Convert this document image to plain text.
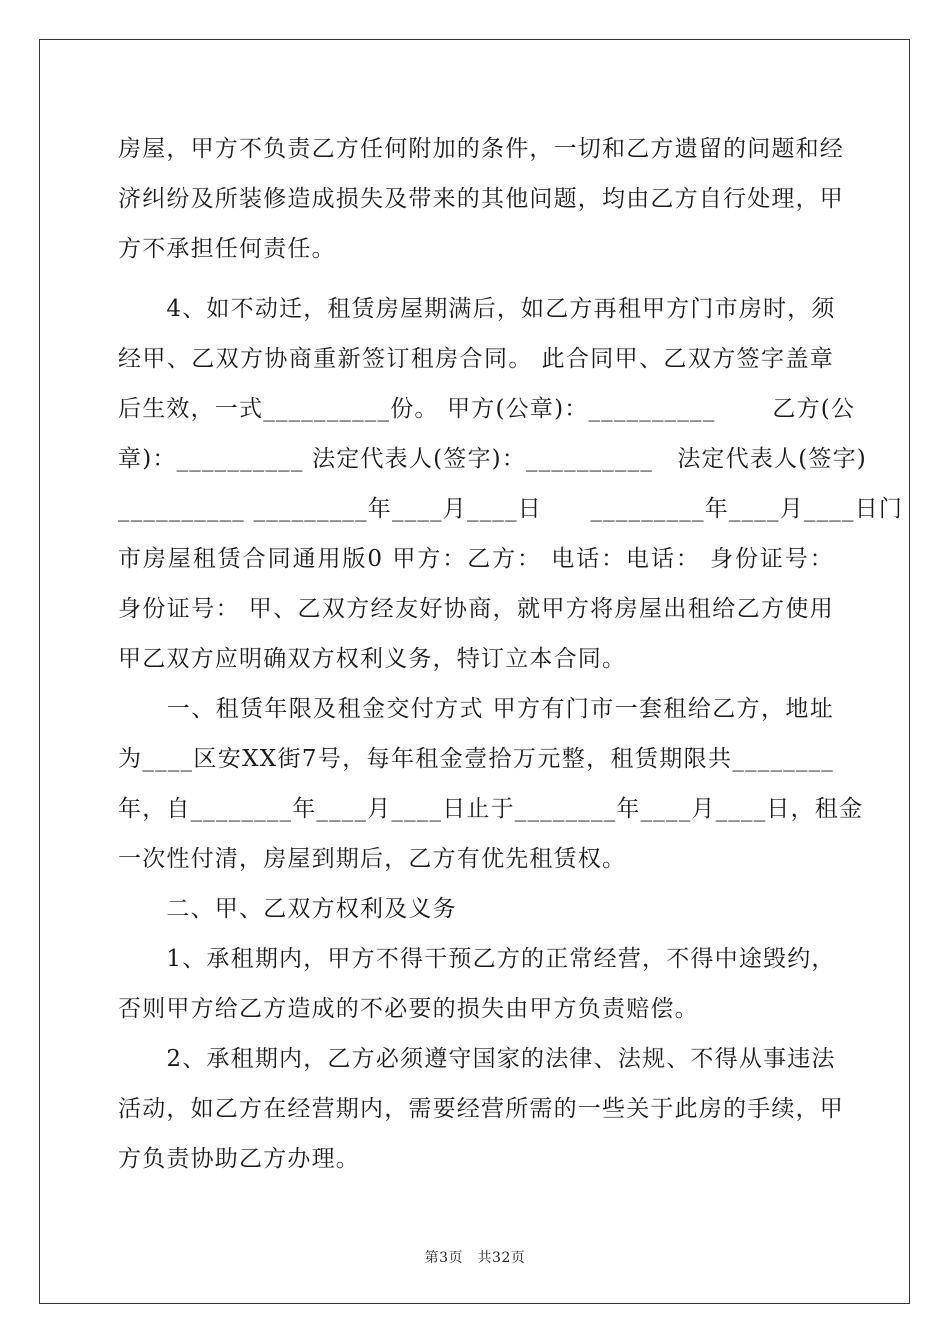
房屋，甲方不负责乙方任何附加的条件，一切和乙方遗留的问题和经
济纠纷及所装修造成损失及带来的其他问题，均由乙方自行处理，甲
方不承担任何责任。
　　4、如不动迁，租赁房屋期满后，如乙方再租甲方门市房时，须
经甲、乙双方协商重新签订租房合同。 此合同甲、乙双方签字盖章
后生效，一式__________份。 甲方(公章)：__________　　 乙方(公
章)：__________ 法定代表人(签字)：__________　法定代表人(签字)
__________ _________年____月____日　　_________年____月____日门
市房屋租赁合同通用版0 甲方：乙方： 电话：电话： 身份证号：
身份证号： 甲、乙双方经友好协商，就甲方将房屋出租给乙方使用
甲乙双方应明确双方权利义务，特订立本合同。
　　一、租赁年限及租金交付方式 甲方有门市一套租给乙方，地址
为____区安XX街7号，每年租金壹拾万元整，租赁期限共________
年，自________年____月____日止于________年____月____日，租金
一次性付清，房屋到期后，乙方有优先租赁权。
　　二、甲、乙双方权利及义务
　　1、承租期内，甲方不得干预乙方的正常经营，不得中途毁约，
否则甲方给乙方造成的不必要的损失由甲方负责赔偿。
　　2、承租期内，乙方必须遵守国家的法律、法规、不得从事违法
活动，如乙方在经营期内，需要经营所需的一些关于此房的手续，甲
方负责协助乙方办理。
第3页　共32页
